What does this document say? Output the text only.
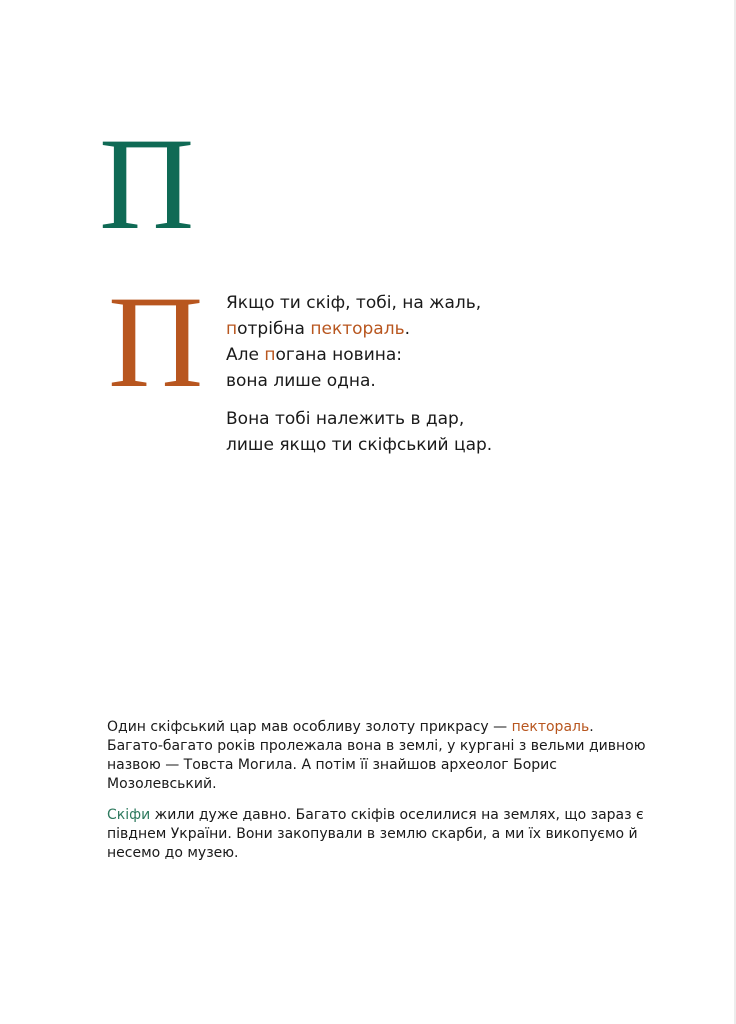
П
П Якщо ти скіф, тобі, на жаль,
потрібна пектораль.
Але погана новина:
вона лише одна.
Вона тобі належить в дар,
лише якщо ти скіфський цар.

Один скіфський цар мав особливу золоту прикрасу — пектораль. Багато-багато років пролежала вона в землі, у кургані з вельми дивною назвою — Товста Могила. А потім її знайшов археолог Борис Мозолевський.

Скіфи жили дуже давно. Багато скіфів оселилися на землях, що зараз є півднем України. Вони закопували в землю скарби, а ми їх викопуємо й несемо до музею.
